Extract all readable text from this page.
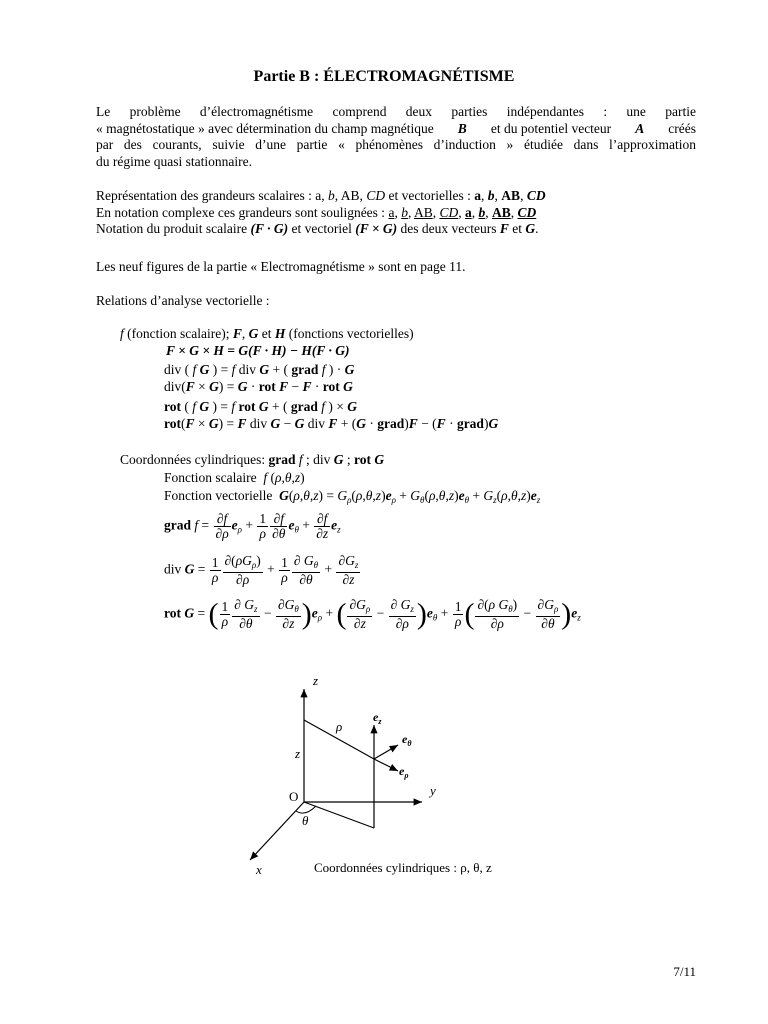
Partie B : ÉLECTROMAGNÉTISME
Le problème d’électromagnétisme comprend deux parties indépendantes : une partie
« magnétostatique » avec détermination du champ magnétique B et du potentiel vecteur A créés
par des courants, suivie d’une partie « phénomènes d’induction » étudiée dans l’approximation
du régime quasi stationnaire.
Représentation des grandeurs scalaires : a, b, AB, CD et vectorielles : a, b, AB, CD
En notation complexe ces grandeurs sont soulignées : a, b, AB, CD, a, b, AB, CD
Notation du produit scalaire (F · G) et vectoriel (F × G) des deux vecteurs F et G.
Les neuf figures de la partie « Electromagnétisme » sont en page 11.
Relations d’analyse vectorielle :
f (fonction scalaire); F, G et H (fonctions vectorielles)
F × G × H = G(F · H) − H(F · G)
div ( f G ) = f div G + ( grad f ) · G
div(F × G) = G · rot F − F · rot G
rot ( f G ) = f rot G + ( grad f ) × G
rot(F × G) = F div G − G div F + (G · grad)F − (F · grad)G
Coordonnées cylindriques: grad f ; div G ; rot G
Fonction scalaire f (ρ,θ,z)
Fonction vectorielle $G(\rho,\theta,z) = G_\rho(\rho,\theta,z)e_\rho + G_\theta(\rho,\theta,z)e_\theta + G_z(\rho,\theta,z)e_z$
grad $f = \frac{\partial f}{\partial\rho} e_\rho + \frac{1}{\rho} \frac{\partial f}{\partial\theta} e_\theta + \frac{\partial f}{\partial z} e_z$
div $G = \frac{1}{\rho} \frac{\partial(\rho G_\rho)}{\partial\rho} + \frac{1}{\rho} \frac{\partial G_\theta}{\partial\theta} + \frac{\partial G_z}{\partial z}$
rot G = ( $\frac{1}{\rho} \frac{\partial G_z}{\partial\theta} - \frac{\partial G_\theta}{\partial z} )e_\rho$ + ( $\frac{\partial G_\rho}{\partial z} - \frac{\partial G_z}{\partial\rho} )e_\theta + \frac{1}{\rho}$ ( $\frac{\partial(\rho G_\theta)}{\partial\rho} - \frac{\partial G_\rho}{\partial\theta} )e_z$
z
y
x
O
ρ
z
θ
$e_z$
$e_\theta$
$e_\rho$
Coordonnées cylindriques : ρ, θ, z
7/11
